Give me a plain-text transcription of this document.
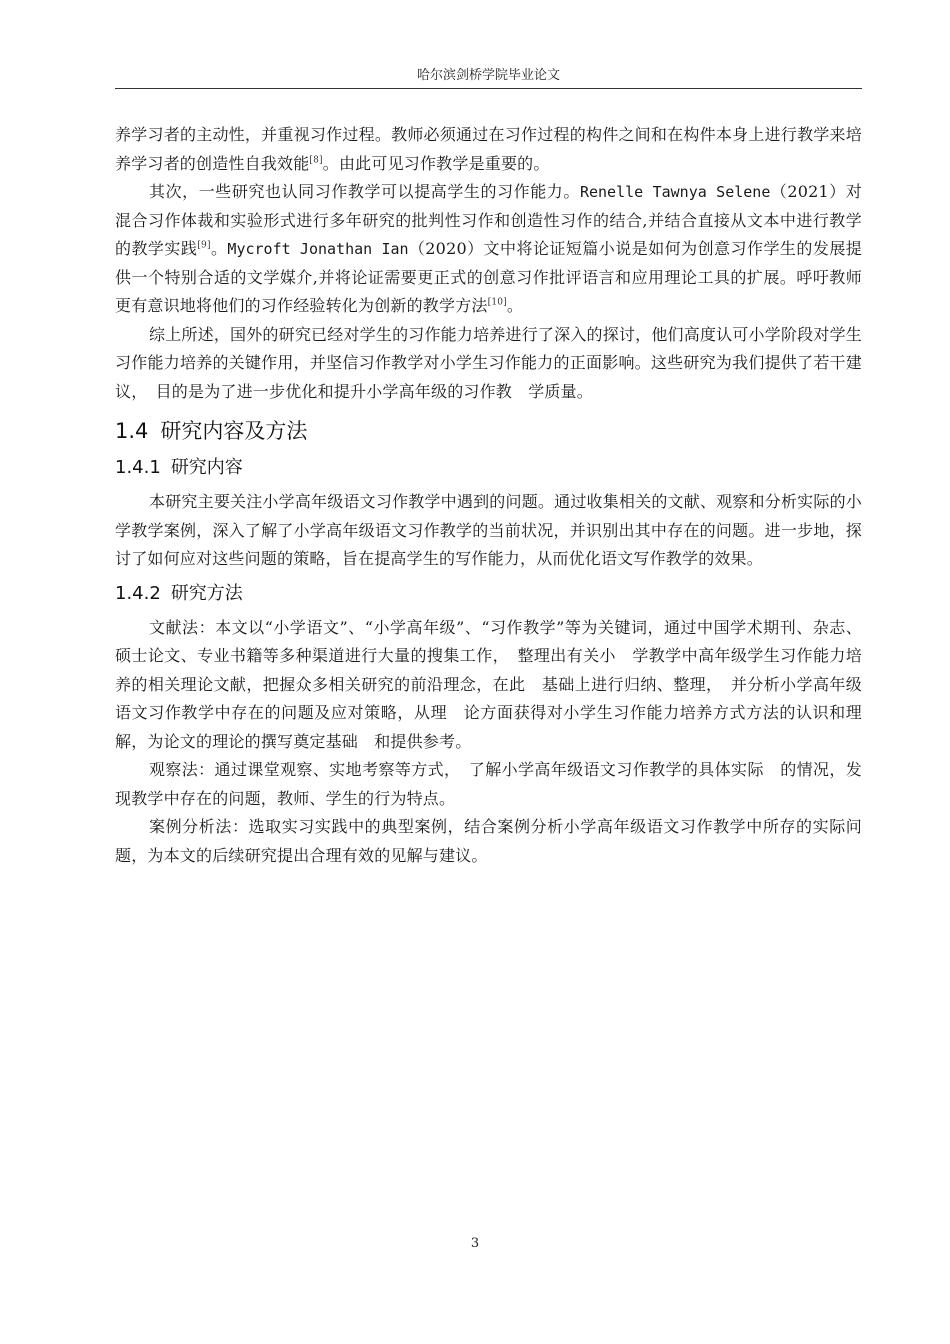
哈尔滨剑桥学院毕业论文

养学习者的主动性，并重视习作过程。教师必须通过在习作过程的构件之间和在构件本身上进行教学来培养学习者的创造性自我效能[8]。由此可见习作教学是重要的。

其次，一些研究也认同习作教学可以提高学生的习作能力。Renelle Tawnya Selene（2021）对混合习作体裁和实验形式进行多年研究的批判性习作和创造性习作的结合,并结合直接从文本中进行教学的教学实践[9]。Mycroft Jonathan Ian（2020）文中将论证短篇小说是如何为创意习作学生的发展提供一个特别合适的文学媒介,并将论证需要更正式的创意习作批评语言和应用理论工具的扩展。呼吁教师更有意识地将他们的习作经验转化为创新的教学方法[10]。

综上所述，国外的研究已经对学生的习作能力培养进行了深入的探讨，他们高度认可小学阶段对学生习作能力培养的关键作用，并坚信习作教学对小学生习作能力的正面影响。这些研究为我们提供了若干建议，　目的是为了进一步优化和提升小学高年级的习作教　学质量。

1.4 研究内容及方法
1.4.1 研究内容

本研究主要关注小学高年级语文习作教学中遇到的问题。通过收集相关的文献、观察和分析实际的小学教学案例，深入了解了小学高年级语文习作教学的当前状况，并识别出其中存在的问题。进一步地，探讨了如何应对这些问题的策略，旨在提高学生的写作能力，从而优化语文写作教学的效果。

1.4.2 研究方法

文献法：本文以“小学语文”、“小学高年级”、“习作教学”等为关键词，通过中国学术期刊、杂志、硕士论文、专业书籍等多种渠道进行大量的搜集工作，　整理出有关小　学教学中高年级学生习作能力培养的相关理论文献，把握众多相关研究的前沿理念，在此　基础上进行归纳、整理，　并分析小学高年级语文习作教学中存在的问题及应对策略，从理　论方面获得对小学生习作能力培养方式方法的认识和理解，为论文的理论的撰写奠定基础　和提供参考。

观察法：通过课堂观察、实地考察等方式，　了解小学高年级语文习作教学的具体实际　的情况，发现教学中存在的问题，教师、学生的行为特点。

案例分析法：选取实习实践中的典型案例，结合案例分析小学高年级语文习作教学中所存的实际问题，为本文的后续研究提出合理有效的见解与建议。

3
